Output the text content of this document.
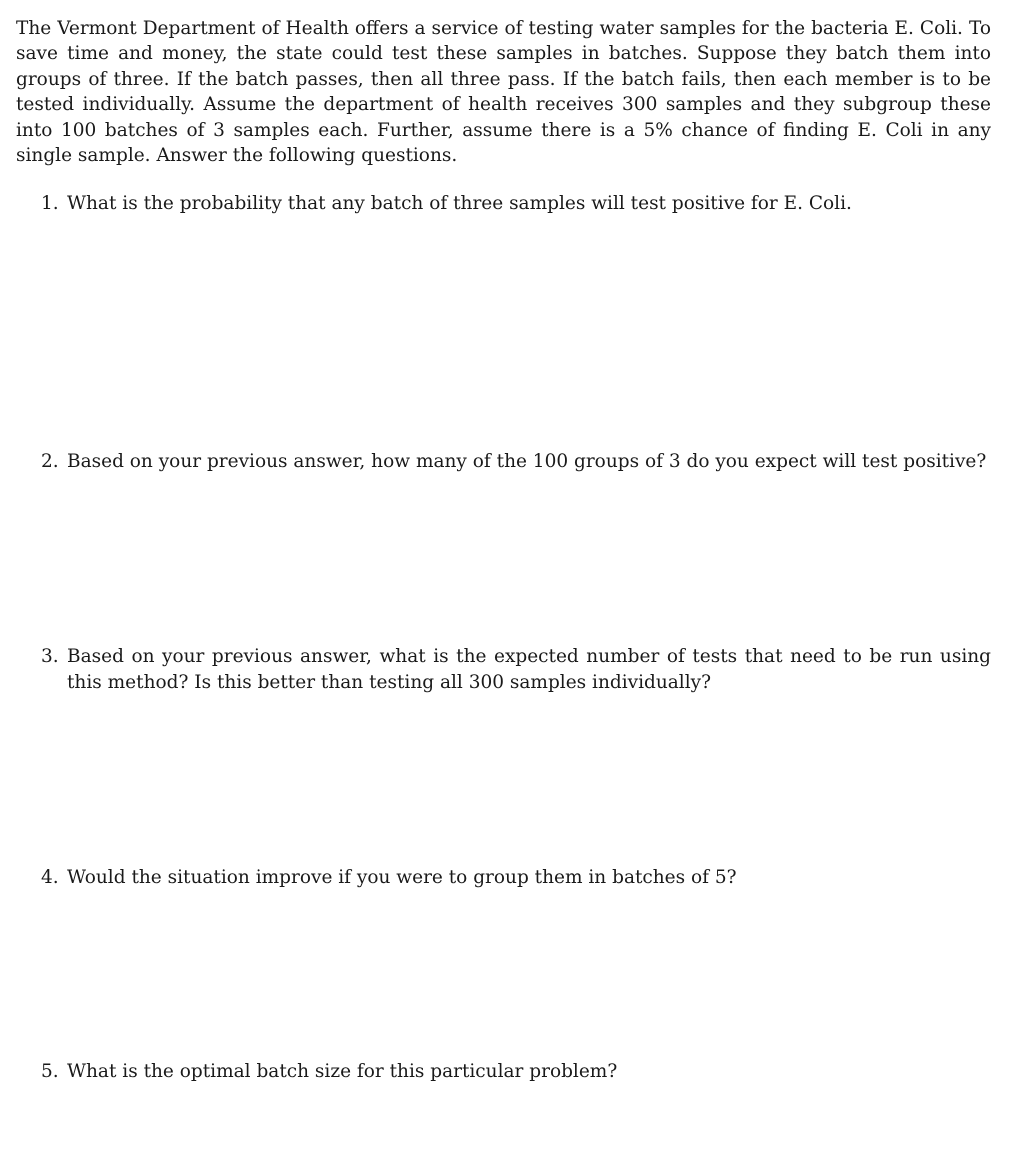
The Vermont Department of Health offers a service of testing water samples for the bacteria E. Coli. To save time and money, the state could test these samples in batches. Suppose they batch them into groups of three. If the batch passes, then all three pass. If the batch fails, then each member is to be tested individually. Assume the department of health receives 300 samples and they subgroup these into 100 batches of 3 samples each. Further, assume there is a 5% chance of finding E. Coli in any single sample. Answer the following questions.

1. What is the probability that any batch of three samples will test positive for E. Coli.
2. Based on your previous answer, how many of the 100 groups of 3 do you expect will test positive?
3. Based on your previous answer, what is the expected number of tests that need to be run using this method? Is this better than testing all 300 samples individually?
4. Would the situation improve if you were to group them in batches of 5?
5. What is the optimal batch size for this particular problem?
